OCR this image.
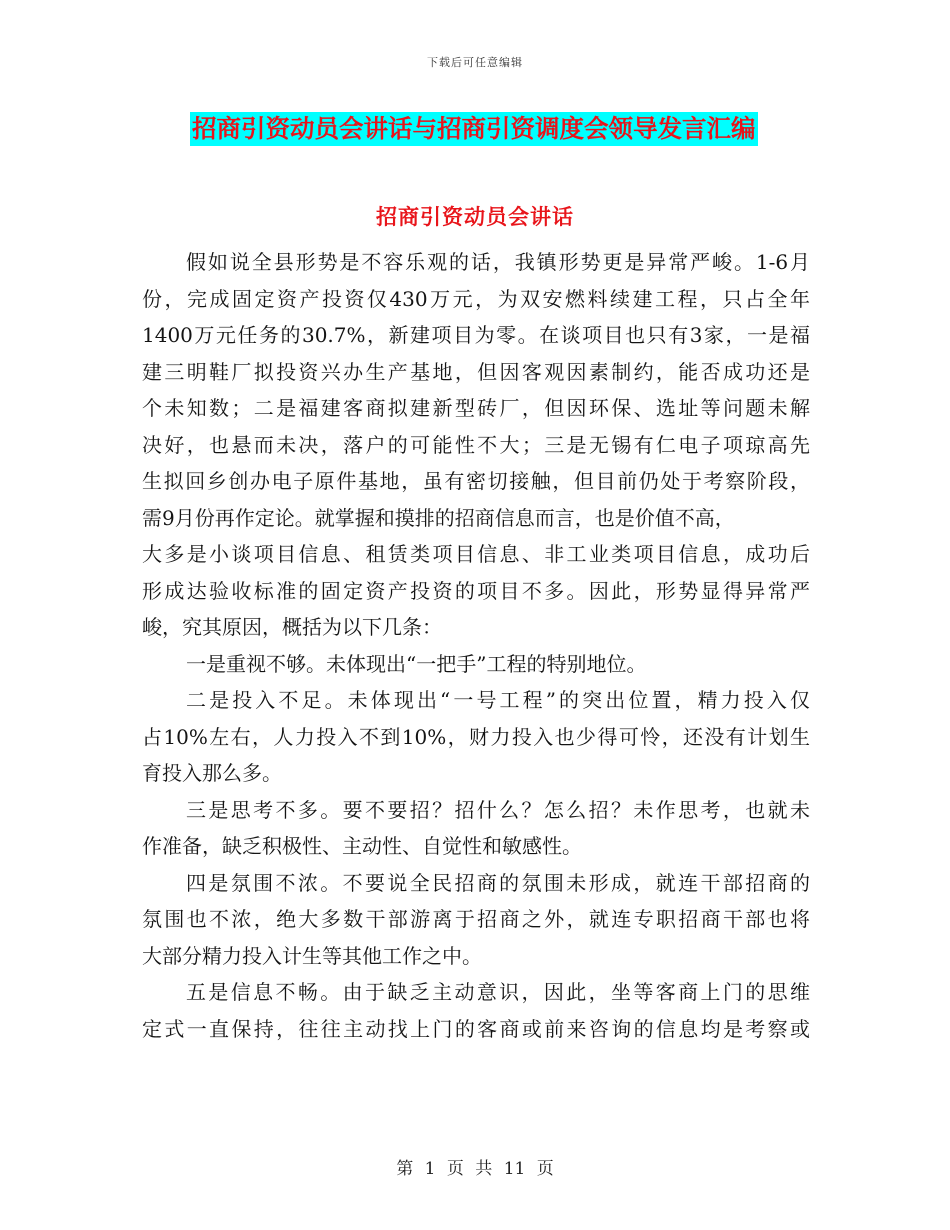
下载后可任意编辑
招商引资动员会讲话与招商引资调度会领导发言汇编
招商引资动员会讲话
假如说全县形势是不容乐观的话，我镇形势更是异常严峻。1-6月
份，完成固定资产投资仅430万元，为双安燃料续建工程，只占全年
1400万元任务的30.7%，新建项目为零。在谈项目也只有3家，一是福
建三明鞋厂拟投资兴办生产基地，但因客观因素制约，能否成功还是
个未知数；二是福建客商拟建新型砖厂，但因环保、选址等问题未解
决好，也悬而未决，落户的可能性不大；三是无锡有仁电子项琼高先
生拟回乡创办电子原件基地，虽有密切接触，但目前仍处于考察阶段，
需9月份再作定论。就掌握和摸排的招商信息而言，也是价值不高，
大多是小谈项目信息、租赁类项目信息、非工业类项目信息，成功后
形成达验收标准的固定资产投资的项目不多。因此，形势显得异常严
峻，究其原因，概括为以下几条：
一是重视不够。未体现出“一把手”工程的特别地位。
二是投入不足。未体现出“一号工程”的突出位置，精力投入仅
占10%左右，人力投入不到10%，财力投入也少得可怜，还没有计划生
育投入那么多。
三是思考不多。要不要招？招什么？怎么招？未作思考，也就未
作准备，缺乏积极性、主动性、自觉性和敏感性。
四是氛围不浓。不要说全民招商的氛围未形成，就连干部招商的
氛围也不浓，绝大多数干部游离于招商之外，就连专职招商干部也将
大部分精力投入计生等其他工作之中。
五是信息不畅。由于缺乏主动意识，因此，坐等客商上门的思维
定式一直保持，往往主动找上门的客商或前来咨询的信息均是考察或
第 1 页 共 11 页
